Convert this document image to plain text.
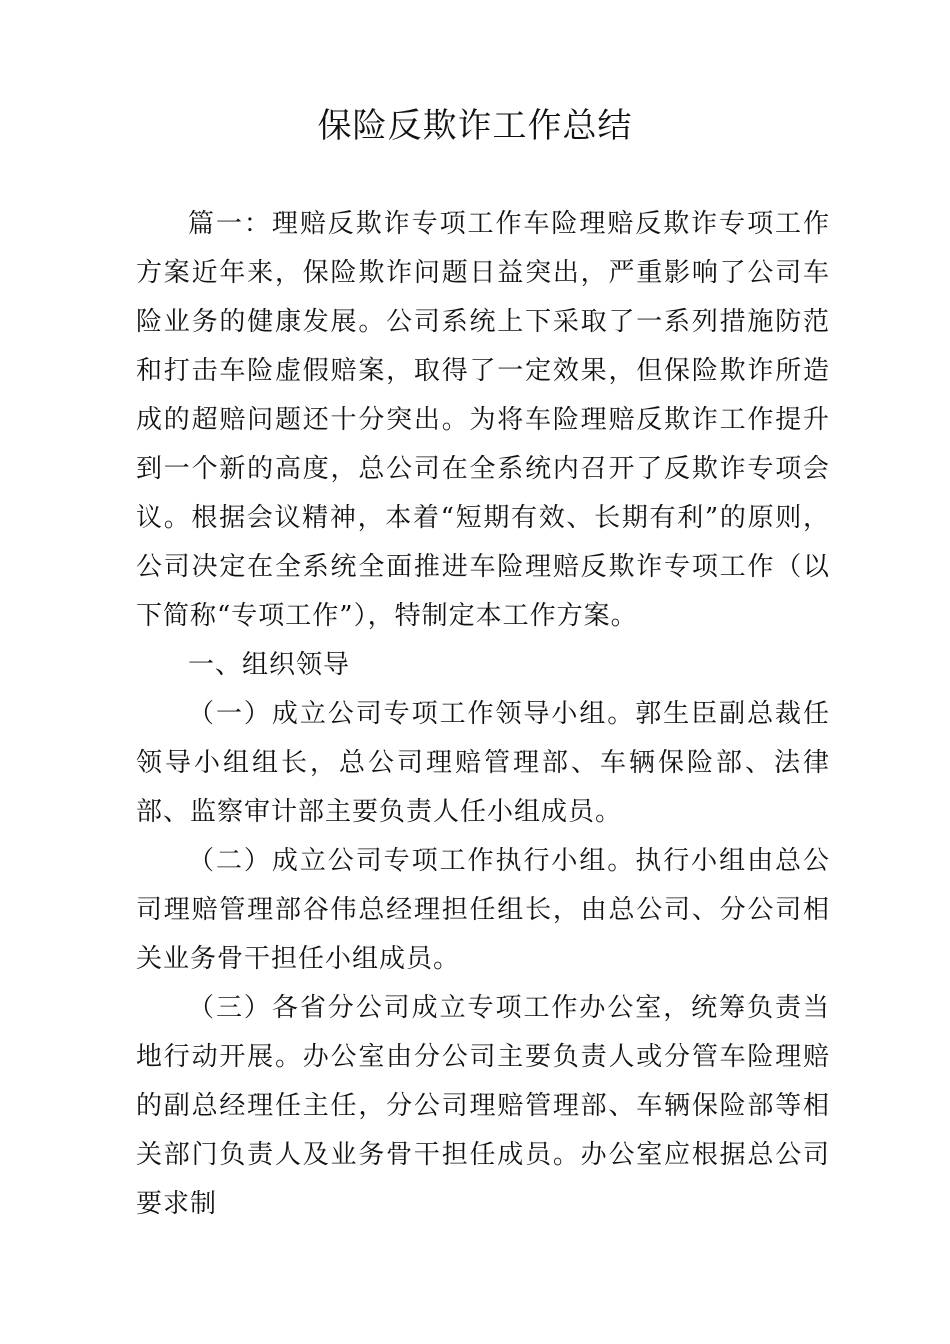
保险反欺诈工作总结

篇一：理赔反欺诈专项工作车险理赔反欺诈专项工作方案近年来，保险欺诈问题日益突出，严重影响了公司车险业务的健康发展。公司系统上下采取了一系列措施防范和打击车险虚假赔案，取得了一定效果，但保险欺诈所造成的超赔问题还十分突出。为将车险理赔反欺诈工作提升到一个新的高度，总公司在全系统内召开了反欺诈专项会议。根据会议精神，本着“短期有效、长期有利”的原则，公司决定在全系统全面推进车险理赔反欺诈专项工作（以下简称“专项工作”），特制定本工作方案。

一、组织领导

（一）成立公司专项工作领导小组。郭生臣副总裁任领导小组组长，总公司理赔管理部、车辆保险部、法律部、监察审计部主要负责人任小组成员。

（二）成立公司专项工作执行小组。执行小组由总公司理赔管理部谷伟总经理担任组长，由总公司、分公司相关业务骨干担任小组成员。

（三）各省分公司成立专项工作办公室，统筹负责当地行动开展。办公室由分公司主要负责人或分管车险理赔的副总经理任主任，分公司理赔管理部、车辆保险部等相关部门负责人及业务骨干担任成员。办公室应根据总公司要求制
